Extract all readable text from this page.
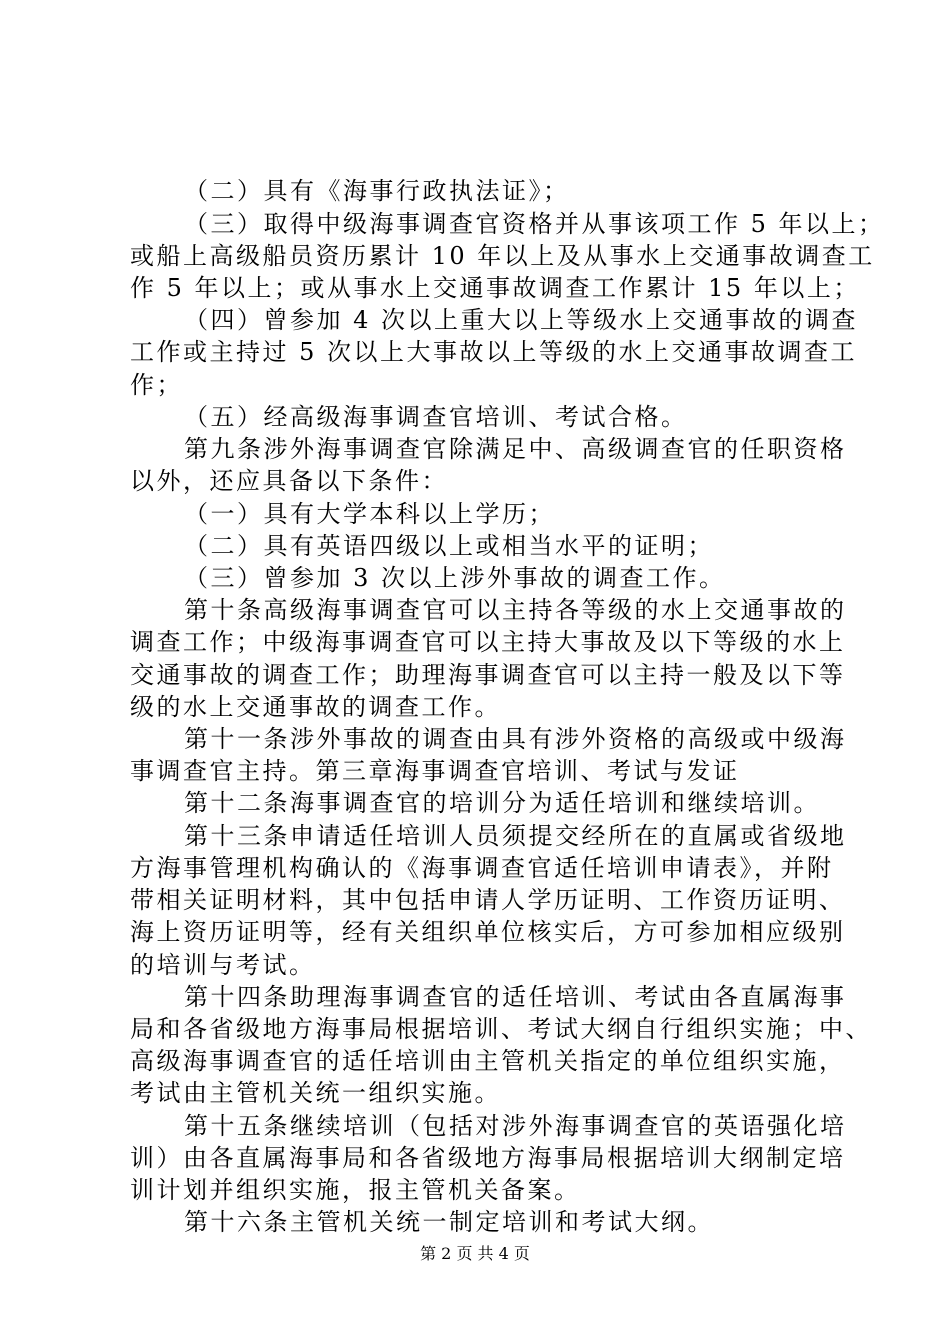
（二）具有《海事行政执法证》；
（三）取得中级海事调查官资格并从事该项工作 5 年以上；
或船上高级船员资历累计 10 年以上及从事水上交通事故调查工
作 5 年以上；或从事水上交通事故调查工作累计 15 年以上；
（四）曾参加 4 次以上重大以上等级水上交通事故的调查
工作或主持过 5 次以上大事故以上等级的水上交通事故调查工
作；
（五）经高级海事调查官培训、考试合格。
第九条涉外海事调查官除满足中、高级调查官的任职资格
以外，还应具备以下条件：
（一）具有大学本科以上学历；
（二）具有英语四级以上或相当水平的证明；
（三）曾参加 3 次以上涉外事故的调查工作。
第十条高级海事调查官可以主持各等级的水上交通事故的
调查工作；中级海事调查官可以主持大事故及以下等级的水上
交通事故的调查工作；助理海事调查官可以主持一般及以下等
级的水上交通事故的调查工作。
第十一条涉外事故的调查由具有涉外资格的高级或中级海
事调查官主持。第三章海事调查官培训、考试与发证
第十二条海事调查官的培训分为适任培训和继续培训。
第十三条申请适任培训人员须提交经所在的直属或省级地
方海事管理机构确认的《海事调查官适任培训申请表》，并附
带相关证明材料，其中包括申请人学历证明、工作资历证明、
海上资历证明等，经有关组织单位核实后，方可参加相应级别
的培训与考试。
第十四条助理海事调查官的适任培训、考试由各直属海事
局和各省级地方海事局根据培训、考试大纲自行组织实施；中、
高级海事调查官的适任培训由主管机关指定的单位组织实施，
考试由主管机关统一组织实施。
第十五条继续培训（包括对涉外海事调查官的英语强化培
训）由各直属海事局和各省级地方海事局根据培训大纲制定培
训计划并组织实施，报主管机关备案。
第十六条主管机关统一制定培训和考试大纲。
第 2 页 共 4 页
